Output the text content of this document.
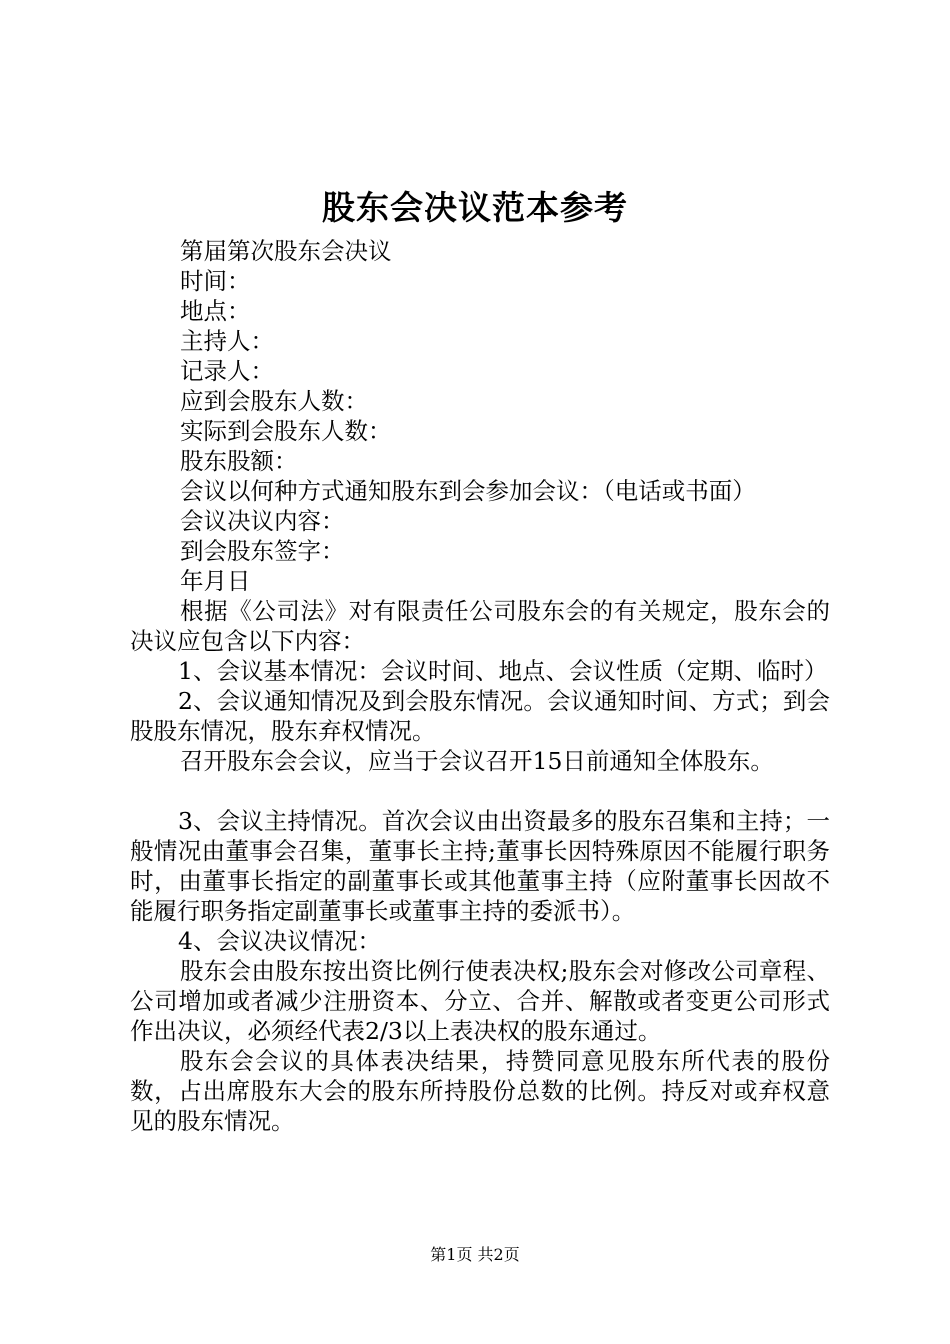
股东会决议范本参考
第届第次股东会决议
时间：
地点：
主持人：
记录人：
应到会股东人数：
实际到会股东人数：
股东股额：
会议以何种方式通知股东到会参加会议：（电话或书面）
会议决议内容：
到会股东签字：
年月日

根据《公司法》对有限责任公司股东会的有关规定，股东会的决议应包含以下内容：

1、会议基本情况：会议时间、地点、会议性质（定期、临时）

2、会议通知情况及到会股东情况。会议通知时间、方式；到会股股东情况，股东弃权情况。

召开股东会会议，应当于会议召开15日前通知全体股东。

3、会议主持情况。首次会议由出资最多的股东召集和主持；一般情况由董事会召集，董事长主持;董事长因特殊原因不能履行职务时，由董事长指定的副董事长或其他董事主持（应附董事长因故不能履行职务指定副董事长或董事主持的委派书）。

4、会议决议情况：

股东会由股东按出资比例行使表决权;股东会对修改公司章程、公司增加或者减少注册资本、分立、合并、解散或者变更公司形式作出决议，必须经代表2/3以上表决权的股东通过。

股东会会议的具体表决结果，持赞同意见股东所代表的股份数，占出席股东大会的股东所持股份总数的比例。持反对或弃权意见的股东情况。

第1页 共2页
